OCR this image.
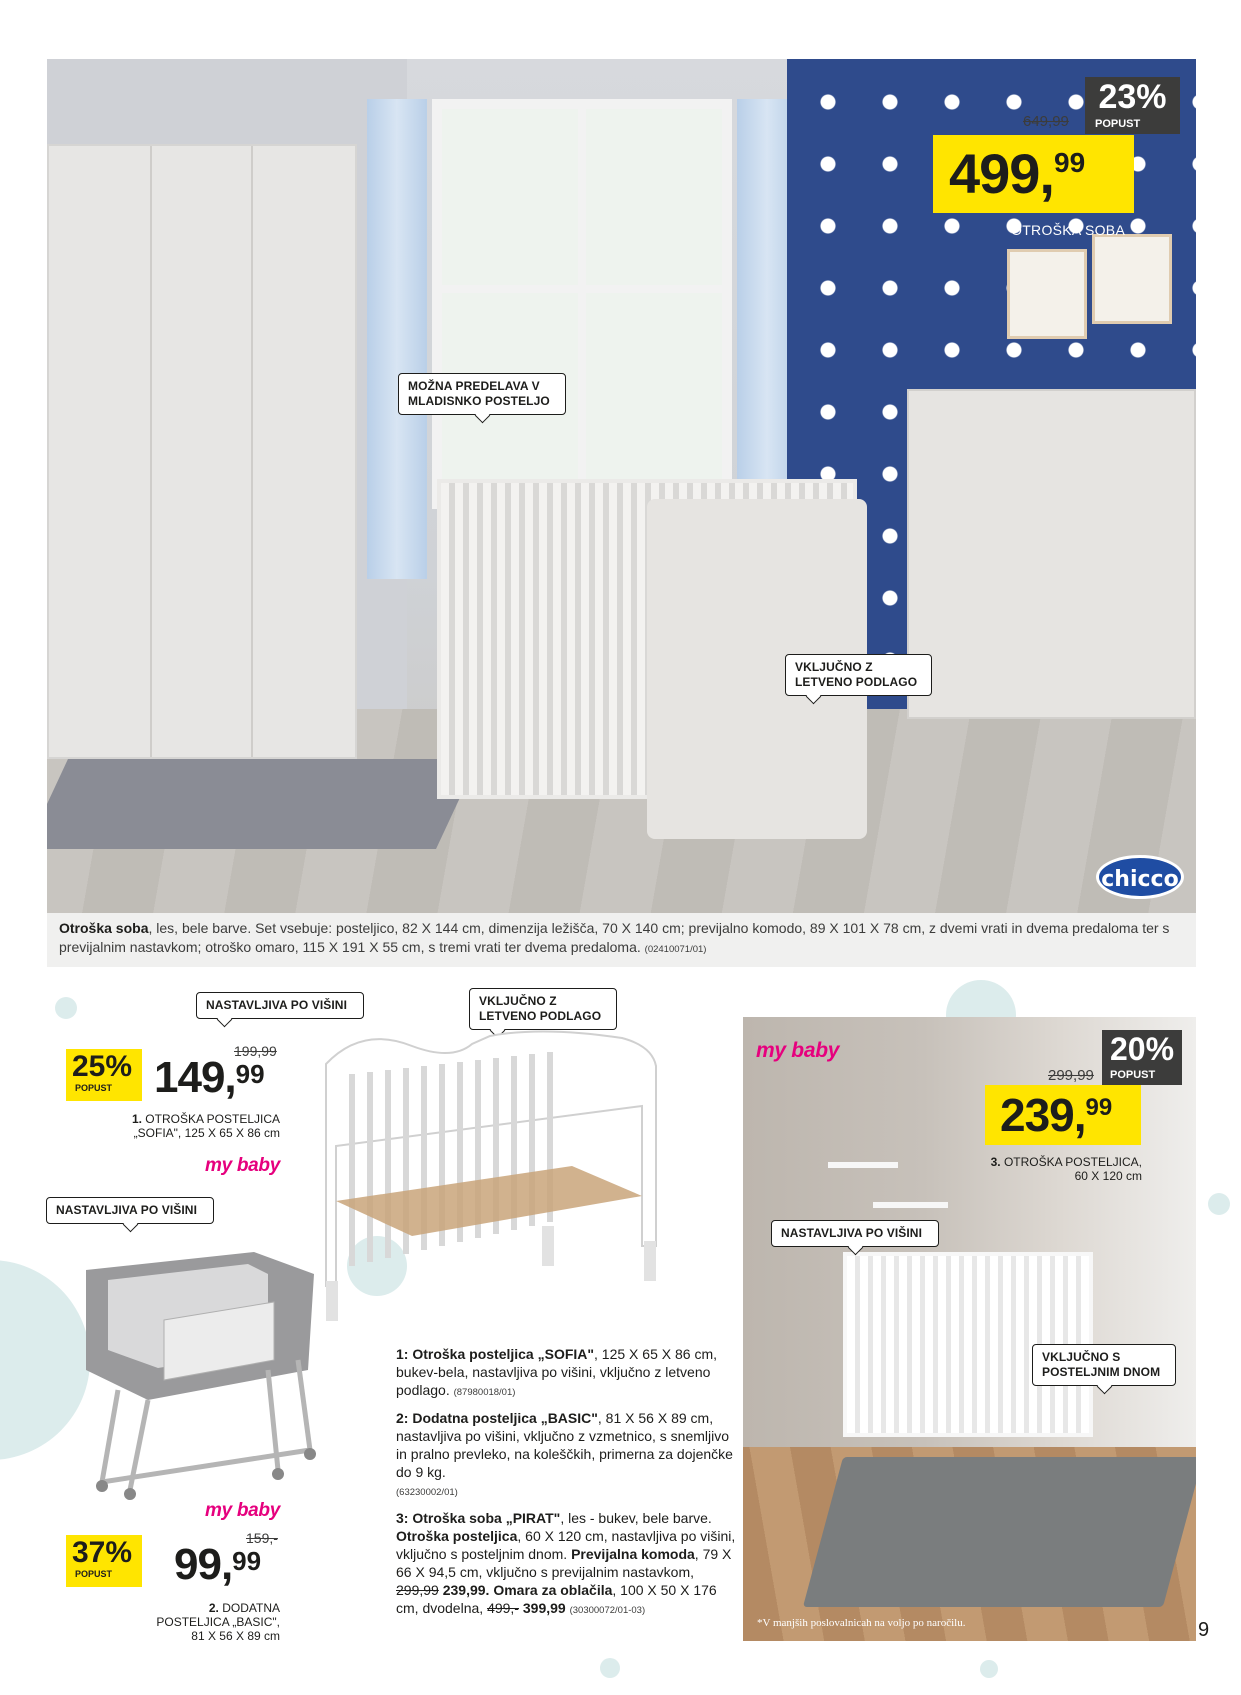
chicco
649,99
23%
POPUST
499,99
OTROŠKA SOBA
MOŽNA PREDELAVA V
MLADISNKO POSTELJO
VKLJUČNO Z
LETVENO PODLAGO
Otroška soba, les, bele barve. Set vsebuje: posteljico, 82 X 144 cm, dimenzija ležišča, 70 X 140 cm; previjalno komodo, 89 X 101 X 78 cm, z dvemi vrati in dvema predaloma ter s previjalnim nastavkom; otroško omaro, 115 X 191 X 55 cm, s tremi vrati ter dvema predaloma. (02410071/01)
NASTAVLJIVA PO VIŠINI	VKLJUČNO Z
LETVENO PODLAGO
25%
POPUST
199,99
149,99
1. OTROŠKA POSTELJICA
„SOFIA", 125 X 65 X 86 cm
my baby
NASTAVLJIVA PO VIŠINI
my baby
159,-
37%
POPUST	99,99
2. DODATNA
POSTELJICA „BASIC",
81 X 56 X 89 cm

1: Otroška posteljica „SOFIA", 125 X 65 X 86 cm, bukev-bela, nastavljiva po višini, vključno z letveno podlago. (87980018/01)

2: Dodatna posteljica „BASIC", 81 X 56 X 89 cm, nastavljiva po višini, vključno z vzmetnico, s snemljivo in pralno prevleko, na koleščkih, primerna za dojenčke do 9 kg.
(63230002/01)

3: Otroška soba „PIRAT", les - bukev, bele barve. Otroška posteljica, 60 X 120 cm, nastavljiva po višini, vključno s posteljnim dnom. Previjalna komoda, 79 X 66 X 94,5 cm, vključno s previjalnim nastavkom, 299,99 239,99. Omara za oblačila, 100 X 50 X 176 cm, dvodelna, 499,- 399,99 (30300072/01-03)

*V manjših poslovalnicah na voljo po naročilu.
my baby
299,99
20%
POPUST
239,99
3. OTROŠKA POSTELJICA,
60 X 120 cm
NASTAVLJIVA PO VIŠINI
VKLJUČNO S
POSTELJNIM DNOM
9
